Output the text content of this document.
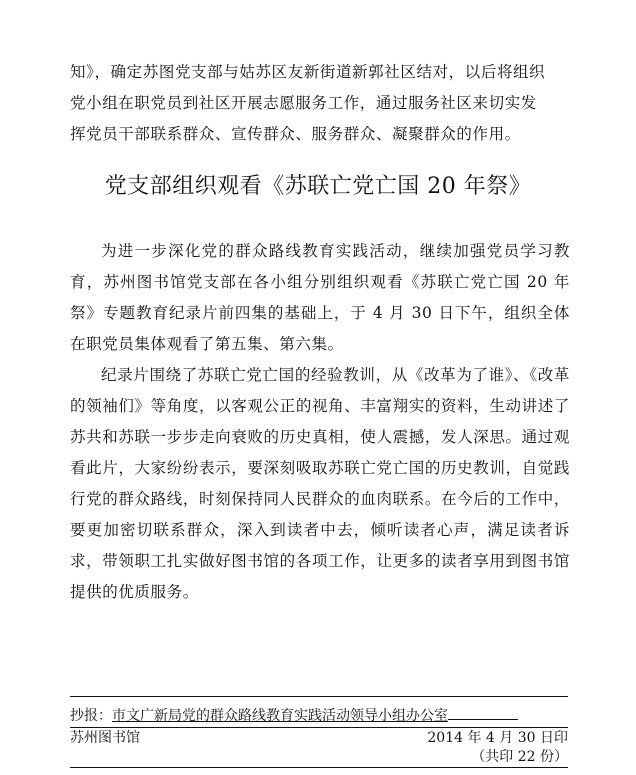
知》，确定苏图党支部与姑苏区友新街道新郭社区结对，以后将组织
党小组在职党员到社区开展志愿服务工作，通过服务社区来切实发
挥党员干部联系群众、宣传群众、服务群众、凝聚群众的作用。
党支部组织观看《苏联亡党亡国 20 年祭》

为进一步深化党的群众路线教育实践活动，继续加强党员学习教育，苏州图书馆党支部在各小组分别组织观看《苏联亡党亡国 20 年祭》专题教育纪录片前四集的基础上，于 4 月 30 日下午，组织全体在职党员集体观看了第五集、第六集。

纪录片围绕了苏联亡党亡国的经验教训，从《改革为了谁》、《改革的领袖们》等角度，以客观公正的视角、丰富翔实的资料，生动讲述了苏共和苏联一步步走向衰败的历史真相，使人震撼，发人深思。通过观看此片，大家纷纷表示，要深刻吸取苏联亡党亡国的历史教训，自觉践行党的群众路线，时刻保持同人民群众的血肉联系。在今后的工作中，要更加密切联系群众，深入到读者中去，倾听读者心声，满足读者诉求，带领职工扎实做好图书馆的各项工作，让更多的读者享用到图书馆提供的优质服务。

抄报：市文广新局党的群众路线教育实践活动领导小组办公室
苏州图书馆	2014 年 4 月 30 日印
（共印 22 份）
